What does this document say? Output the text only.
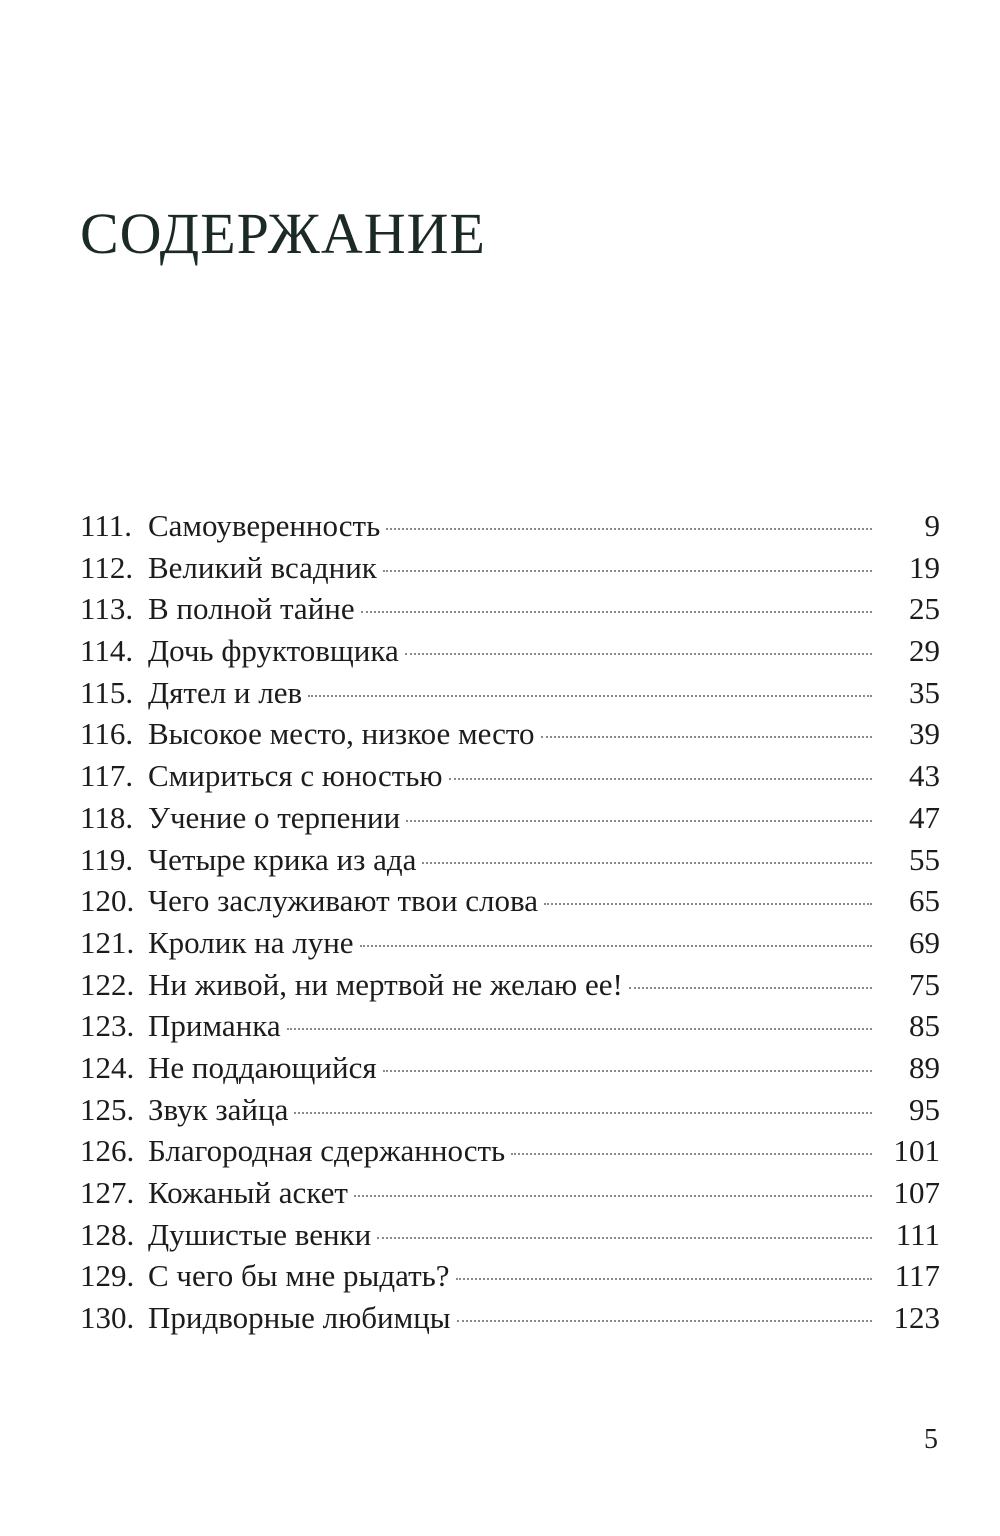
СОДЕРЖАНИЕ
111. Самоуверенность	9
112. Великий всадник	19
113. В полной тайне	25
114. Дочь фруктовщика	29
115. Дятел и лев	35
116. Высокое место, низкое место	39
117. Смириться с юностью	43
118. Учение о терпении	47
119. Четыре крика из ада	55
120. Чего заслуживают твои слова	65
121. Кролик на луне	69
122. Ни живой, ни мертвой не желаю ее!	75
123. Приманка	85
124. Не поддающийся	89
125. Звук зайца	95
126. Благородная сдержанность	101
127. Кожаный аскет	107
128. Душистые венки	111
129. С чего бы мне рыдать?	117
130. Придворные любимцы	123
5
